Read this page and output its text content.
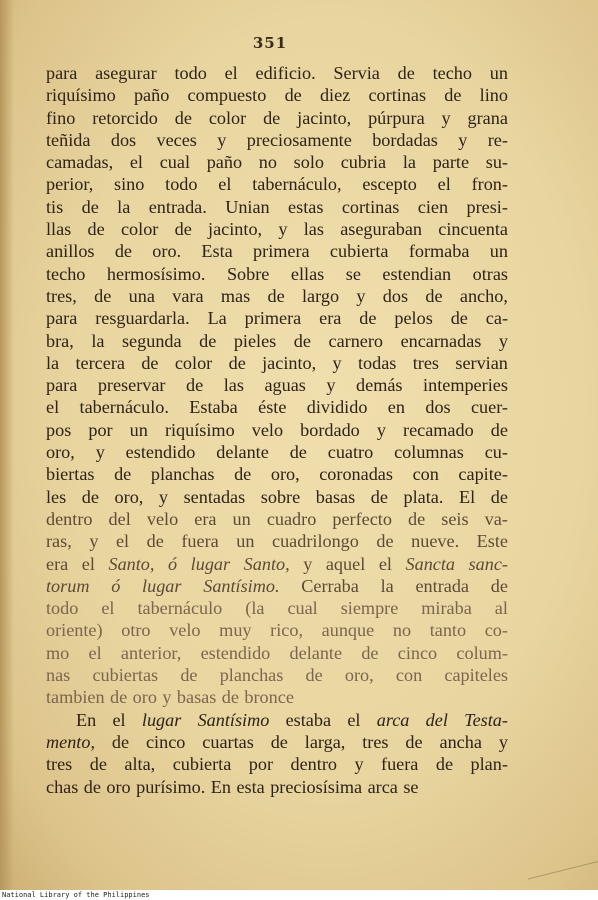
351
para asegurar todo el edificio. Servia de techo un
riquísimo paño compuesto de diez cortinas de lino
fino retorcido de color de jacinto, púrpura y grana
teñida dos veces y preciosamente bordadas y re-
camadas, el cual paño no solo cubria la parte su-
perior, sino todo el tabernáculo, escepto el fron-
tis de la entrada. Unian estas cortinas cien presi-
llas de color de jacinto, y las aseguraban cincuenta
anillos de oro. Esta primera cubierta formaba un
techo hermosísimo. Sobre ellas se estendian otras
tres, de una vara mas de largo y dos de ancho,
para resguardarla. La primera era de pelos de ca-
bra, la segunda de pieles de carnero encarnadas y
la tercera de color de jacinto, y todas tres servian
para preservar de las aguas y demás intemperies
el tabernáculo. Estaba éste dividido en dos cuer-
pos por un riquísimo velo bordado y recamado de
oro, y estendido delante de cuatro columnas cu-
biertas de planchas de oro, coronadas con capite-
les de oro, y sentadas sobre basas de plata. El de
dentro del velo era un cuadro perfecto de seis va-
ras, y el de fuera un cuadrilongo de nueve. Este
era el Santo, ó lugar Santo, y aquel el Sancta sanc-
torum ó lugar Santísimo. Cerraba la entrada de
todo el tabernáculo (la cual siempre miraba al
oriente) otro velo muy rico, aunque no tanto co-
mo el anterior, estendido delante de cinco colum-
nas cubiertas de planchas de oro, con capiteles
tambien de oro y basas de bronce
En el lugar Santísimo estaba el arca del Testa-
mento, de cinco cuartas de larga, tres de ancha y
tres de alta, cubierta por dentro y fuera de plan-
chas de oro purísimo. En esta preciosísima arca se
National Library of the Philippines
